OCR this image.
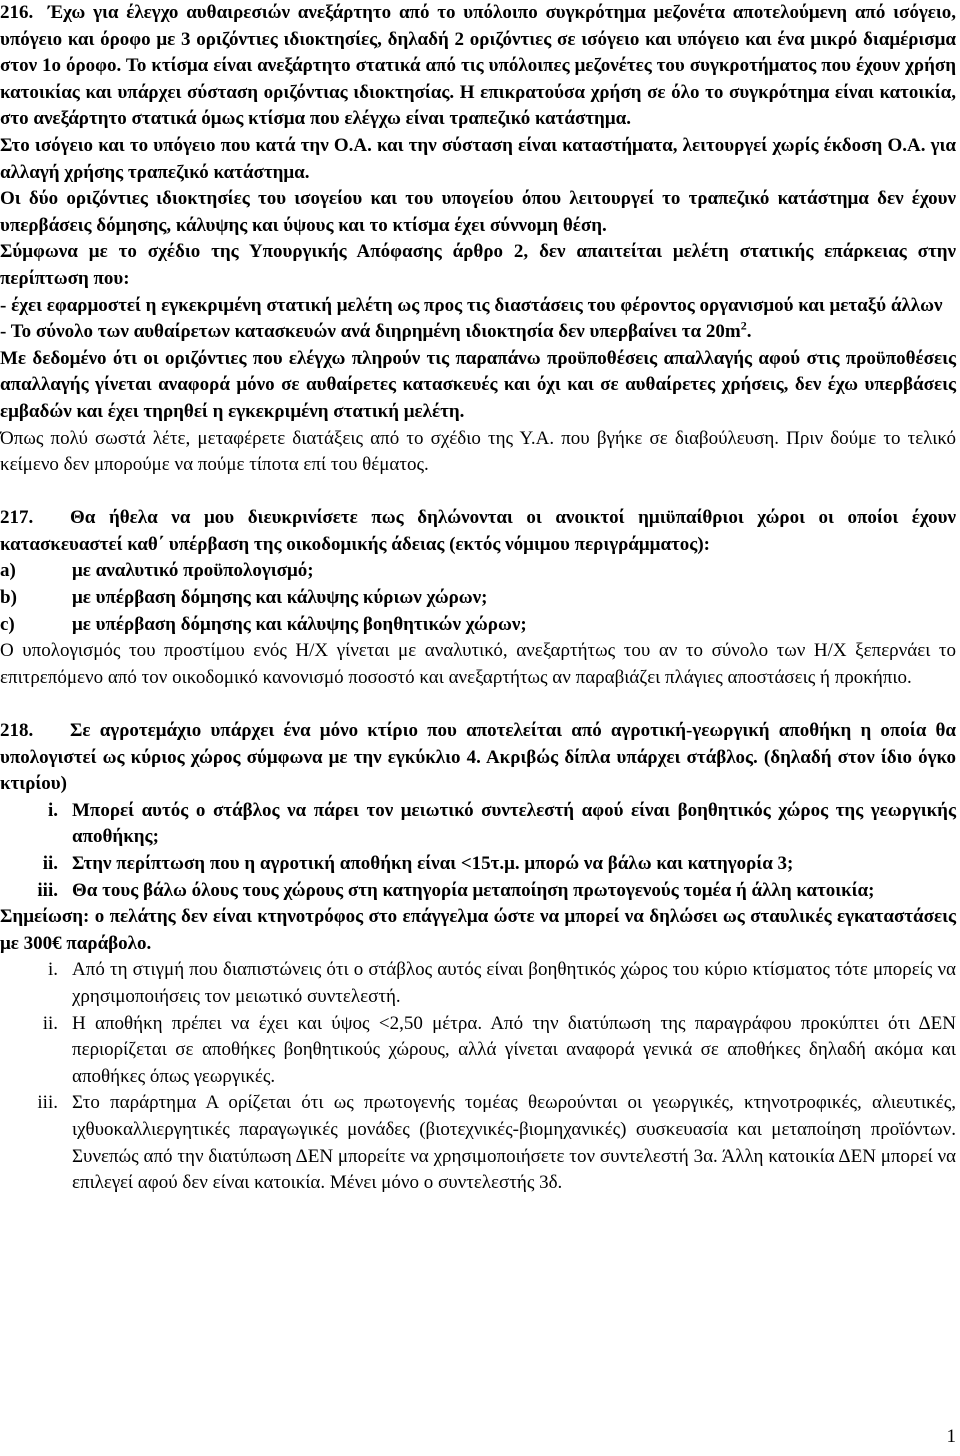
216. Έχω για έλεγχο αυθαιρεσιών ανεξάρτητο από το υπόλοιπο συγκρότημα μεζονέτα αποτελούμενη από ισόγειο, υπόγειο και όροφο με 3 οριζόντιες ιδιοκτησίες, δηλαδή 2 οριζόντιες σε ισόγειο και υπόγειο και ένα μικρό διαμέρισμα στον 1ο όροφο. Το κτίσμα είναι ανεξάρτητο στατικά από τις υπόλοιπες μεζονέτες του συγκροτήματος που έχουν χρήση κατοικίας και υπάρχει σύσταση οριζόντιας ιδιοκτησίας. Η επικρατούσα χρήση σε όλο το συγκρότημα είναι κατοικία, στο ανεξάρτητο στατικά όμως κτίσμα που ελέγχω είναι τραπεζικό κατάστημα.

Στο ισόγειο και το υπόγειο που κατά την Ο.Α. και την σύσταση είναι καταστήματα, λειτουργεί χωρίς έκδοση Ο.Α. για αλλαγή χρήσης τραπεζικό κατάστημα.

Οι δύο οριζόντιες ιδιοκτησίες του ισογείου και του υπογείου όπου λειτουργεί το τραπεζικό κατάστημα δεν έχουν υπερβάσεις δόμησης, κάλυψης και ύψους και το κτίσμα έχει σύννομη θέση.

Σύμφωνα με το σχέδιο της Υπουργικής Απόφασης άρθρο 2, δεν απαιτείται μελέτη στατικής επάρκειας στην περίπτωση που:

- έχει εφαρμοστεί η εγκεκριμένη στατική μελέτη ως προς τις διαστάσεις του φέροντος οργανισμού και μεταξύ άλλων

- Το σύνολο των αυθαίρετων κατασκευών ανά διηρημένη ιδιοκτησία δεν υπερβαίνει τα $20m^2$.

Με δεδομένο ότι οι οριζόντιες που ελέγχω πληρούν τις παραπάνω προϋποθέσεις απαλλαγής αφού στις προϋποθέσεις απαλλαγής γίνεται αναφορά μόνο σε αυθαίρετες κατασκευές και όχι και σε αυθαίρετες χρήσεις, δεν έχω υπερβάσεις εμβαδών και έχει τηρηθεί η εγκεκριμένη στατική μελέτη.

Όπως πολύ σωστά λέτε, μεταφέρετε διατάξεις από το σχέδιο της Υ.Α. που βγήκε σε διαβούλευση. Πριν δούμε το τελικό κείμενο δεν μπορούμε να πούμε τίποτα επί του θέματος.

217. Θα ήθελα να μου διευκρινίσετε πως δηλώνονται οι ανοικτοί ημιϋπαίθριοι χώροι οι οποίοι έχουν κατασκευαστεί καθ΄ υπέρβαση της οικοδομικής άδειας (εκτός νόμιμου περιγράμματος):

a)	με αναλυτικό προϋπολογισμό;
b)	με υπέρβαση δόμησης και κάλυψης κύριων χώρων;
c)	με υπέρβαση δόμησης και κάλυψης βοηθητικών χώρων;

Ο υπολογισμός του προστίμου ενός Η/Χ γίνεται με αναλυτικό, ανεξαρτήτως του αν το σύνολο των Η/Χ ξεπερνάει το επιτρεπόμενο από τον οικοδομικό κανονισμό ποσοστό και ανεξαρτήτως αν παραβιάζει πλάγιες αποστάσεις ή προκήπιο.

218. Σε αγροτεμάχιο υπάρχει ένα μόνο κτίριο που αποτελείται από αγροτική-γεωργική αποθήκη η οποία θα υπολογιστεί ως κύριος χώρος σύμφωνα με την εγκύκλιο 4. Ακριβώς δίπλα υπάρχει στάβλος. (δηλαδή στον ίδιο όγκο κτιρίου)

i. Μπορεί αυτός ο στάβλος να πάρει τον μειωτικό συντελεστή αφού είναι βοηθητικός χώρος της γεωργικής αποθήκης;
ii. Στην περίπτωση που η αγροτική αποθήκη είναι <15τ.μ. μπορώ να βάλω και κατηγορία 3;
iii. Θα τους βάλω όλους τους χώρους στη κατηγορία μεταποίηση πρωτογενούς τομέα ή άλλη κατοικία;

Σημείωση: ο πελάτης δεν είναι κτηνοτρόφος στο επάγγελμα ώστε να μπορεί να δηλώσει ως σταυλικές εγκαταστάσεις με 300€ παράβολο.

i. Από τη στιγμή που διαπιστώνεις ότι ο στάβλος αυτός είναι βοηθητικός χώρος του κύριο κτίσματος τότε μπορείς να χρησιμοποιήσεις τον μειωτικό συντελεστή.
ii. Η αποθήκη πρέπει να έχει και ύψος <2,50 μέτρα. Από την διατύπωση της παραγράφου προκύπτει ότι ΔΕΝ περιορίζεται σε αποθήκες βοηθητικούς χώρους, αλλά γίνεται αναφορά γενικά σε αποθήκες δηλαδή ακόμα και αποθήκες όπως γεωργικές.
iii. Στο παράρτημα Α ορίζεται ότι ως πρωτογενής τομέας θεωρούνται οι γεωργικές, κτηνοτροφικές, αλιευτικές, ιχθυοκαλλιεργητικές παραγωγικές μονάδες (βιοτεχνικές-βιομηχανικές) συσκευασία και μεταποίηση προϊόντων. Συνεπώς από την διατύπωση ΔΕΝ μπορείτε να χρησιμοποιήσετε τον συντελεστή 3α. Άλλη κατοικία ΔΕΝ μπορεί να επιλεγεί αφού δεν είναι κατοικία. Μένει μόνο ο συντελεστής 3δ.
1
